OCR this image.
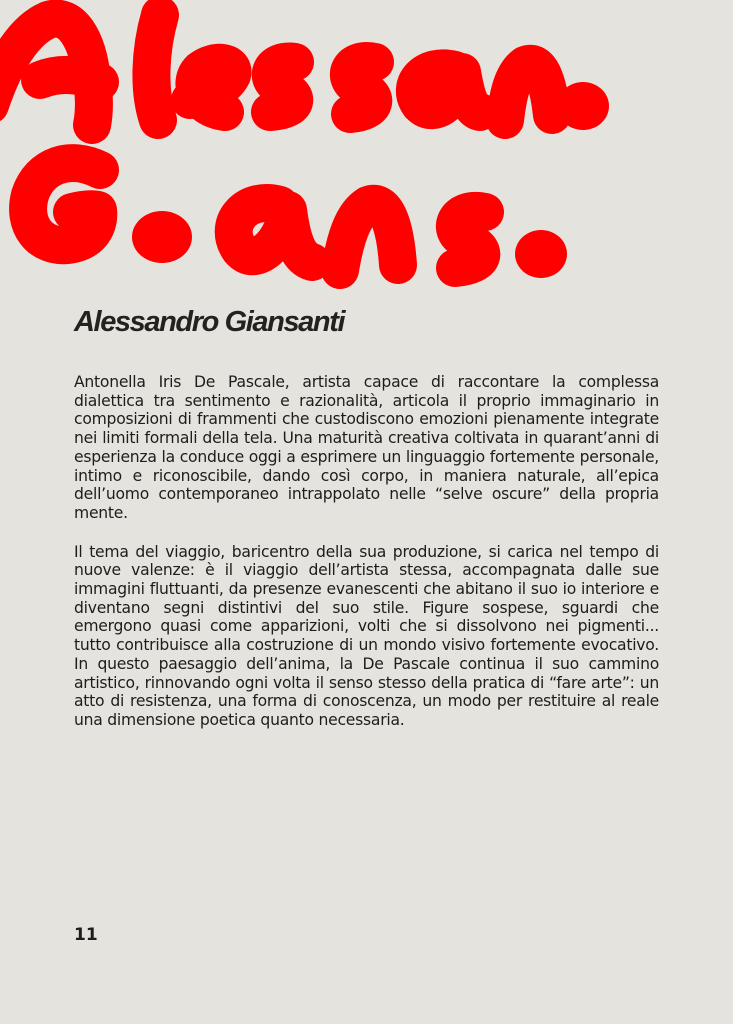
Alessandro Giansanti

Antonella Iris De Pascale, artista capace di raccontare la complessa dialettica tra sentimento e razionalità, articola il proprio immaginario in composizioni di frammenti che custodiscono emozioni pienamente integrate nei limiti formali della tela. Una maturità creativa coltivata in quarant’anni di esperienza la conduce oggi a esprimere un linguaggio fortemente personale, intimo e riconoscibile, dando così corpo, in maniera naturale, all’epica dell’uomo contemporaneo intrappolato nelle “selve oscure” della propria mente.

Il tema del viaggio, baricentro della sua produzione, si carica nel tempo di nuove valenze: è il viaggio dell’artista stessa, accompagnata dalle sue immagini fluttuanti, da presenze evanescenti che abitano il suo io interiore e diventano segni distintivi del suo stile. Figure sospese, sguardi che emergono quasi come apparizioni, volti che si dissolvono nei pigmenti... tutto contribuisce alla costruzione di un mondo visivo fortemente evocativo. In questo paesaggio dell’anima, la De Pascale continua il suo cammino artistico, rinnovando ogni volta il senso stesso della pratica di “fare arte”: un atto di resistenza, una forma di conoscenza, un modo per restituire al reale una dimensione poetica quanto necessaria.

11
